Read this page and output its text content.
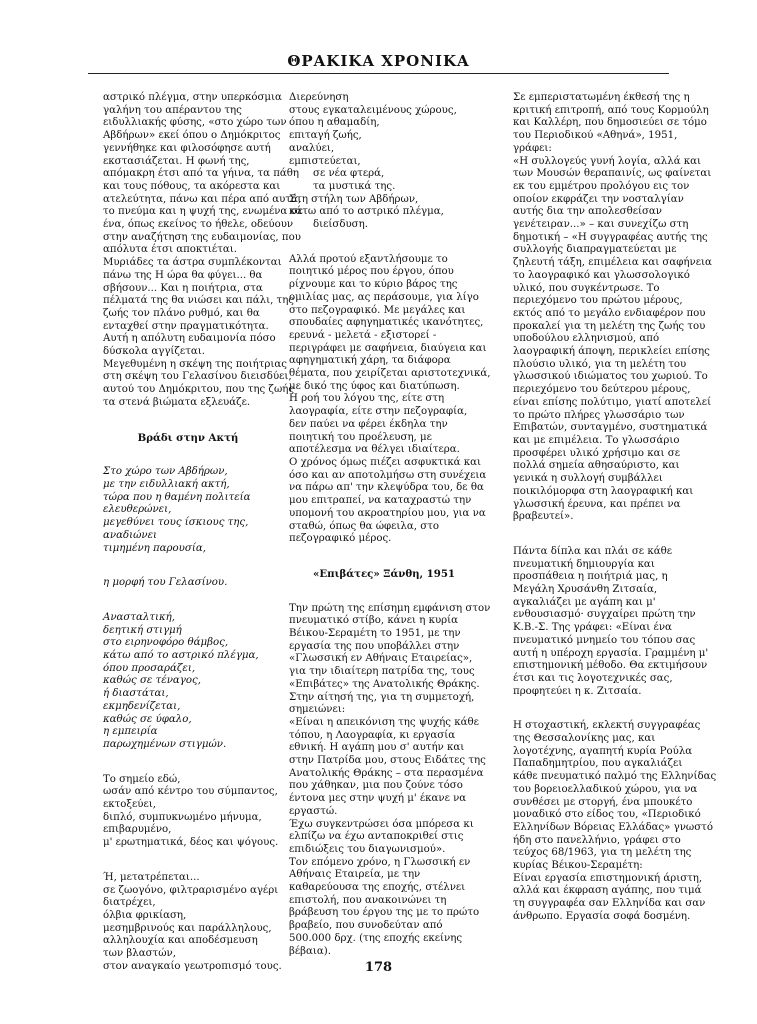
ΘΡΑΚΙΚΑ ΧΡΟΝΙΚΑ
αστρικό πλέγμα, στην υπερκόσμια
γαλήνη του απέραντου της
ειδυλλιακής φύσης, «στο χώρο των
Αβδήρων» εκεί όπου ο Δημόκριτος
γεννήθηκε και φιλοσόφησε αυτή
εκστασιάζεται. Η φωνή της,
απόμακρη έτσι από τα γήινα, τα πάθη
και τους πόθους, τα ακόρεστα και
ατελεύτητα, πάνω και πέρα από αυτά,
το πνεύμα και η ψυχή της, ενωμένα σε
ένα, όπως εκείνος το ήθελε, οδεύουν
στην αναζήτηση της ευδαιμονίας, που
απόλυτα έτσι αποκτιέται.
Μυριάδες τα άστρα συμπλέκονται
πάνω της Η ώρα θα φύγει... θα
σβήσουν... Και η ποιήτρια, στα
πέλματά της θα νιώσει και πάλι, της
ζωής τον πλάνο ρυθμό, και θα
ενταχθεί στην πραγματικότητα.
Αυτή η απόλυτη ευδαιμονία πόσο
δύσκολα αγγίζεται.
Μεγεθυμένη η σκέψη της ποιήτριας
στη σκέψη του Γελασίνου διεισδύει,
αυτού του Δημόκριτου, που της ζωής
τα στενά βιώματα εξλευάζε.
Βράδι στην Ακτή
Στο χώρο των Αβδήρων,
με την ειδυλλιακή ακτή,
τώρα που η θαμένη πολιτεία
ελευθερώνει,
μεγεθύνει τους ίσκιους της,
αναδιώνει
τιμημένη παρουσία,
η μορφή του Γελασίνου.
Ανασταλτική,
δεητική στιγμή
στο ειρηνοφόρο θάμβος,
κάτω από το αστρικό πλέγμα,
όπου προσαράζει,
καθώς σε τέναγος,
ή διαστάται,
εκμηδενίζεται,
καθώς σε ύφαλο,
η εμπειρία
παρωχημένων στιγμών.
Το σημείο εδώ,
ωσάν από κέντρο του σύμπαντος,
εκτοξεύει,
διπλό, συμπυκνωμένο μήνυμα,
επιβαρυμένο,
μ' ερωτηματικά, δέος και ψόγους.
Ή, μετατρέπεται...
σε ζωογόνο, φιλτραρισμένο αγέρι
διατρέχει,
όλβια φρικίαση,
μεσημβρινούς και παράλληλους,
αλληλουχία και αποδέσμευση
των βλαστών,
στον αναγκαίο γεωτροπισμό τους.
Διερεύνηση
στους εγκαταλειμένους χώρους,
όπου η αθαμαδίη,
επιταγή ζωής,
αναλύει,
εμπιστεύεται,
σε νέα φτερά,
τα μυστικά της.
Στη στήλη των Αβδήρων,
κάτω από το αστρικό πλέγμα,
διείσδυση.
Αλλά προτού εξαντλήσουμε το
ποιητικό μέρος που έργου, όπου
ρίχνουμε και το κύριο βάρος της
ομιλίας μας, ας περάσουμε, για λίγο
στο πεζογραφικό. Με μεγάλες και
σπουδαίες αφηγηματικές ικανότητες,
ερευνά - μελετά - εξιστορεί -
περιγράφει με σαφήνεια, διαύγεια και
αφηγηματική χάρη, τα διάφορα
θέματα, που χειρίζεται αριστοτεχνικά,
με δικό της ύφος και διατύπωση.
Η ροή του λόγου της, είτε στη
λαογραφία, είτε στην πεζογραφία,
δεν παύει να φέρει έκδηλα την
ποιητική του προέλευση, με
αποτέλεσμα να θέλγει ιδιαίτερα.
Ο χρόνος όμως πιέζει ασφυκτικά και
όσο και αν αποτολμήσω στη συνέχεια
να πάρω απ' την κλεψύδρα του, δε θα
μου επιτραπεί, να καταχραστώ την
υπομονή του ακροατηρίου μου, για να
σταθώ, όπως θα ώφειλα, στο
πεζογραφικό μέρος.
«Επιβάτες» Ξάνθη, 1951
Την πρώτη της επίσημη εμφάνιση στον
πνευματικό στίβο, κάνει η κυρία
Βέικου-Σεραμέτη το 1951, με την
εργασία της που υποβάλλει στην
«Γλωσσική εν Αθήναις Εταιρείας»,
για την ιδιαίτερη πατρίδα της, τους
«Επιβάτες» της Ανατολικής Θράκης.
Στην αίτησή της, για τη συμμετοχή,
σημειώνει:
«Είναι η απεικόνιση της ψυχής κάθε
τόπου, η Λαογραφία, κι εργασία
εθνική. Η αγάπη μου σ' αυτήν και
στην Πατρίδα μου, στους Ειδάτες της
Ανατολικής Θράκης – στα περασμένα
που χάθηκαν, μια που ζούνε τόσο
έντονα μες στην ψυχή μ' έκανε να
εργαστώ.
Έχω συγκεντρώσει όσα μπόρεσα κι
ελπίζω να έχω ανταποκριθεί στις
επιδιώξεις του διαγωνισμού».
Τον επόμενο χρόνο, η Γλωσσική εν
Αθήναις Εταιρεία, με την
καθαρεύουσα της εποχής, στέλνει
επιστολή, που ανακοινώνει τη
βράβευση του έργου της με το πρώτο
βραβείο, που συνοδεύταν από
500.000 δρχ. (της εποχής εκείνης
βέβαια).
Σε εμπεριστατωμένη έκθεσή της η
κριτική επιτροπή, από τους Κορμούλη
και Καλλέρη, που δημοσιεύει σε τόμο
του Περιοδικού «Αθηνά», 1951,
γράφει:
«Η συλλογεύς γυνή λογία, αλλά και
των Μουσών θεραπαινίς, ως φαίνεται
εκ του εμμέτρου προλόγου εις τον
οποίον εκφράζει την νοσταλγίαν
αυτής δια την απολεσθείσαν
γενέτειραν...» – και συνεχίζω στη
δημοτική – «Η συγγραφέας αυτής της
συλλογής διαπραγματεύεται με
ζηλευτή τάξη, επιμέλεια και σαφήνεια
το λαογραφικό και γλωσσολογικό
υλικό, που συγκέντρωσε. Το
περιεχόμενο του πρώτου μέρους,
εκτός από το μεγάλο ενδιαφέρον που
προκαλεί για τη μελέτη της ζωής του
υποδούλου ελληνισμού, από
λαογραφική άποψη, περικλείει επίσης
πλούσιο υλικό, για τη μελέτη του
γλωσσικού ιδιώματος του χωριού. Το
περιεχόμενο του δεύτερου μέρους,
είναι επίσης πολύτιμο, γιατί αποτελεί
το πρώτο πλήρες γλωσσάριο των
Επιβατών, συνταγμένο, συστηματικά
και με επιμέλεια. Το γλωσσάριο
προσφέρει υλικό χρήσιμο και σε
πολλά σημεία αθησαύριστο, και
γενικά η συλλογή συμβάλλει
ποικιλόμορφα στη λαογραφική και
γλωσσική έρευνα, και πρέπει να
βραβευτεί».
Πάντα δίπλα και πλάι σε κάθε
πνευματική δημιουργία και
προσπάθεια η ποιήτριά μας, η
Μεγάλη Χρυσάνθη Ζιτσαία,
αγκαλιάζει με αγάπη και μ'
ενθουσιασμό· συγχαίρει πρώτη την
Κ.Β.-Σ. Της γράφει: «Είναι ένα
πνευματικό μνημείο του τόπου σας
αυτή η υπέροχη εργασία. Γραμμένη μ'
επιστημονική μέθοδο. Θα εκτιμήσουν
έτσι και τις λογοτεχνικές σας,
προφητεύει η κ. Ζιτσαία.
Η στοχαστική, εκλεκτή συγγραφέας
της Θεσσαλονίκης μας, και
λογοτέχνης, αγαπητή κυρία Ρούλα
Παπαδημητρίου, που αγκαλιάζει
κάθε πνευματικό παλμό της Ελληνίδας
του βορειοελλαδικού χώρου, για να
συνθέσει με στοργή, ένα μπουκέτο
μοναδικό στο είδος του, «Περιοδικό
Ελληνίδων Βόρειας Ελλάδας» γνωστό
ήδη στο πανελλήνιο, γράφει στο
τεύχος 68/1963, για τη μελέτη της
κυρίας Βέικου-Σεραμέτη:
Είναι εργασία επιστημονική άριστη,
αλλά και έκφραση αγάπης, που τιμά
τη συγγραφέα σαν Ελληνίδα και σαν
άνθρωπο. Εργασία σοφά δοσμένη.
178
